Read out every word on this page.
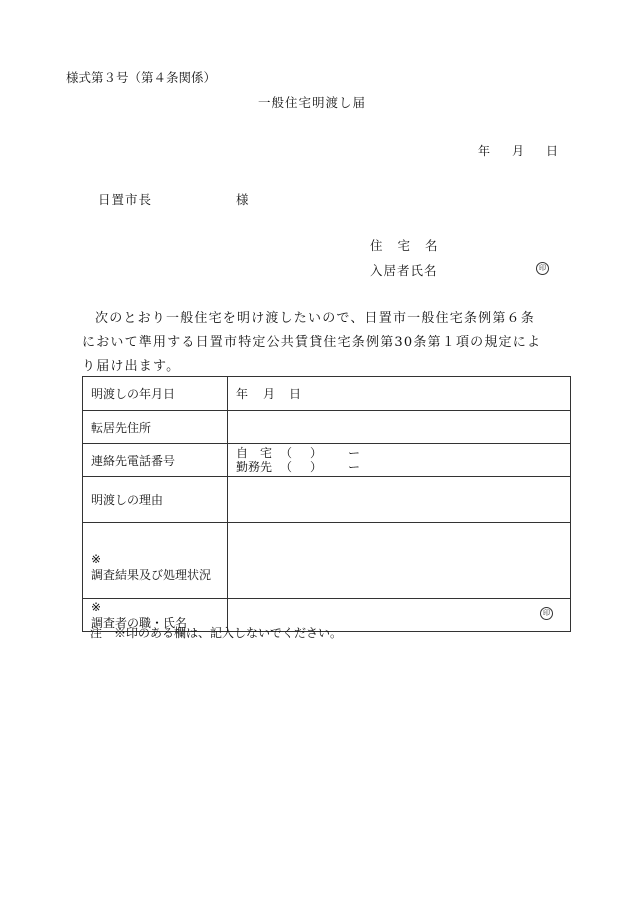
様式第３号（第４条関係）
一般住宅明渡し届
年 月 日
日置市長	様
住 宅 名
入居者氏名	印
次のとおり一般住宅を明け渡したいので、日置市一般住宅条例第６条
において準用する日置市特定公共賃貸住宅条例第30条第１項の規定によ
り届け出ます。
明渡しの年月日	年 月 日
転居先住所	
連絡先電話番号	自　宅 （ ） ー
勤務先 （ ） ー

明渡しの理由	

※
調査結果及び処理状況	

※
調査者の職・氏名	印
注　※印のある欄は、記入しないでください。
